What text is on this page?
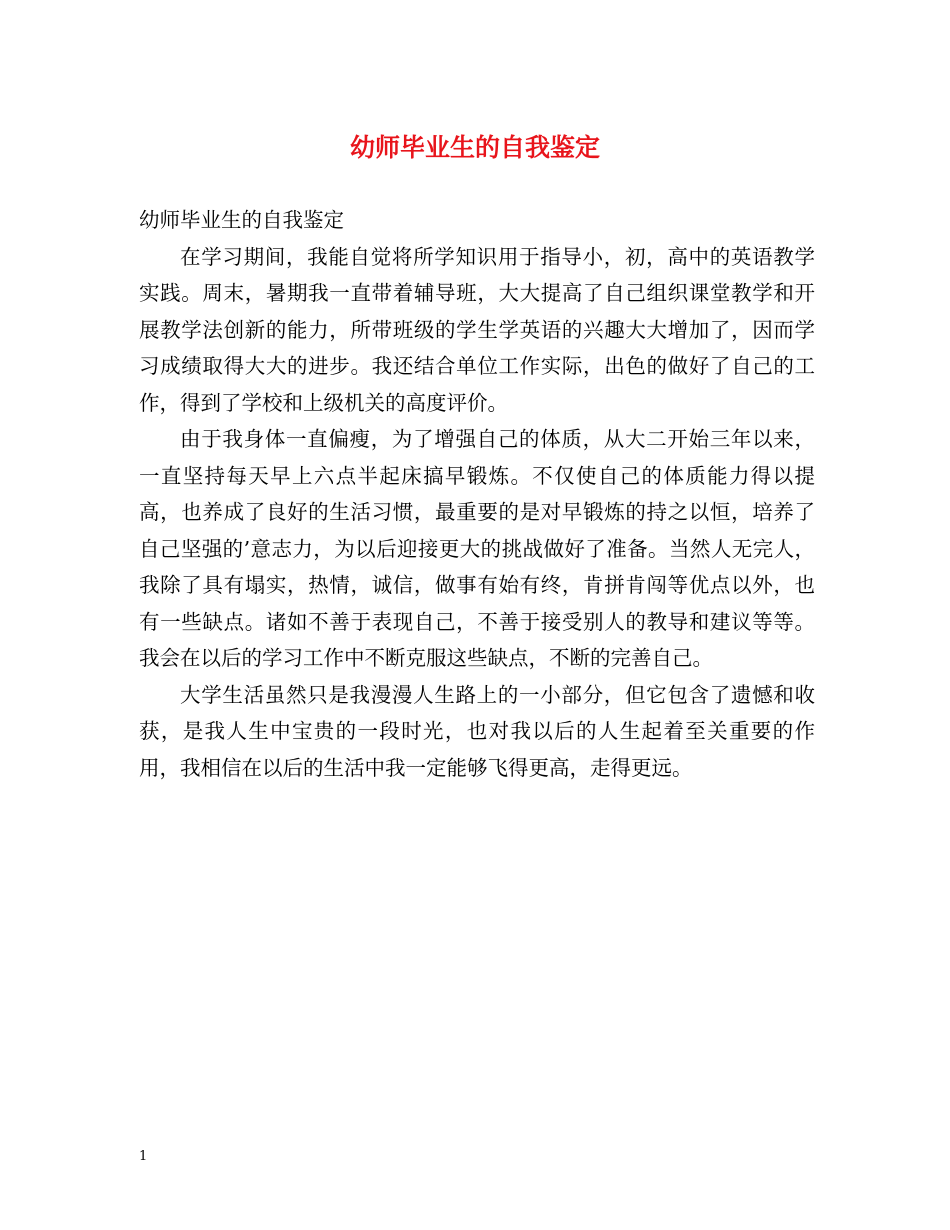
幼师毕业生的自我鉴定

幼师毕业生的自我鉴定

在学习期间，我能自觉将所学知识用于指导小，初，高中的英语教学实践。周末，暑期我一直带着辅导班，大大提高了自己组织课堂教学和开展教学法创新的能力，所带班级的学生学英语的兴趣大大增加了，因而学习成绩取得大大的进步。我还结合单位工作实际，出色的做好了自己的工作，得到了学校和上级机关的高度评价。

由于我身体一直偏瘦，为了增强自己的体质，从大二开始三年以来，一直坚持每天早上六点半起床搞早锻炼。不仅使自己的体质能力得以提高，也养成了良好的生活习惯，最重要的是对早锻炼的持之以恒，培养了自己坚强的’意志力，为以后迎接更大的挑战做好了准备。当然人无完人，我除了具有塌实，热情，诚信，做事有始有终，肯拼肯闯等优点以外，也有一些缺点。诸如不善于表现自己，不善于接受别人的教导和建议等等。我会在以后的学习工作中不断克服这些缺点，不断的完善自己。

大学生活虽然只是我漫漫人生路上的一小部分，但它包含了遗憾和收获，是我人生中宝贵的一段时光，也对我以后的人生起着至关重要的作用，我相信在以后的生活中我一定能够飞得更高，走得更远。

1
